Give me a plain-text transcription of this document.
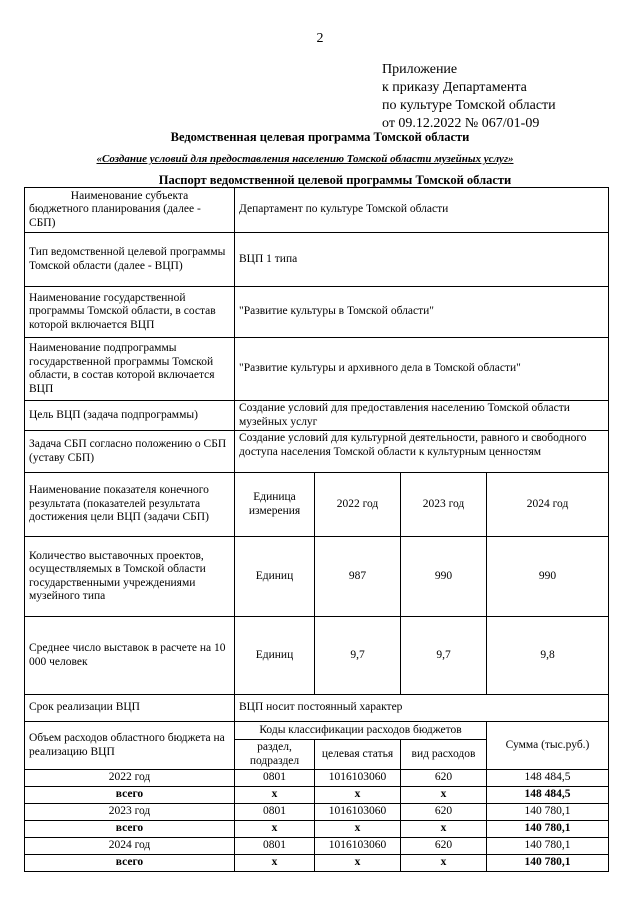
2
Приложение
к приказу Департамента
по культуре Томской области
от 09.12.2022 № 067/01-09
Ведомственная целевая программа Томской области
«Создание условий для предоставления населению Томской области музейных услуг»
Паспорт ведомственной целевой программы Томской области
Наименование субъекта
бюджетного планирования (далее - СБП)	Департамент по культуре Томской области			
Тип ведомственной целевой программы Томской области (далее - ВЦП)	ВЦП 1 типа			
Наименование государственной программы Томской области, в состав которой включается ВЦП	"Развитие культуры в Томской области"			
Наименование подпрограммы государственной программы Томской области, в состав которой включается ВЦП	"Развитие культуры и архивного дела в Томской области"			
Цель ВЦП (задача подпрограммы)	Создание условий для предоставления населению Томской области музейных услуг			
Задача СБП согласно положению о СБП (уставу СБП)	Создание условий для культурной деятельности, равного и свободного доступа населения Томской области к культурным ценностям			
Наименование показателя конечного результата (показателей результата достижения цели ВЦП (задачи СБП)	Единица измерения	2022 год	2023 год	2024 год
Количество выставочных проектов, осуществляемых в Томской области государственными учреждениями музейного типа	Единиц	987	990	990
Среднее число выставок в расчете на 10 000 человек	Единиц	9,7	9,7	9,8
Срок реализации ВЦП	ВЦП носит постоянный характер			
Объем расходов областного бюджета на реализацию ВЦП	Коды классификации расходов бюджетов			Сумма (тыс.руб.)
	раздел, подраздел	целевая статья	вид расходов	
2022 год	0801	1016103060	620	148 484,5
всего	х	х	х	148 484,5
2023 год	0801	1016103060	620	140 780,1
всего	х	х	х	140 780,1
2024 год	0801	1016103060	620	140 780,1
всего	х	х	х	140 780,1
